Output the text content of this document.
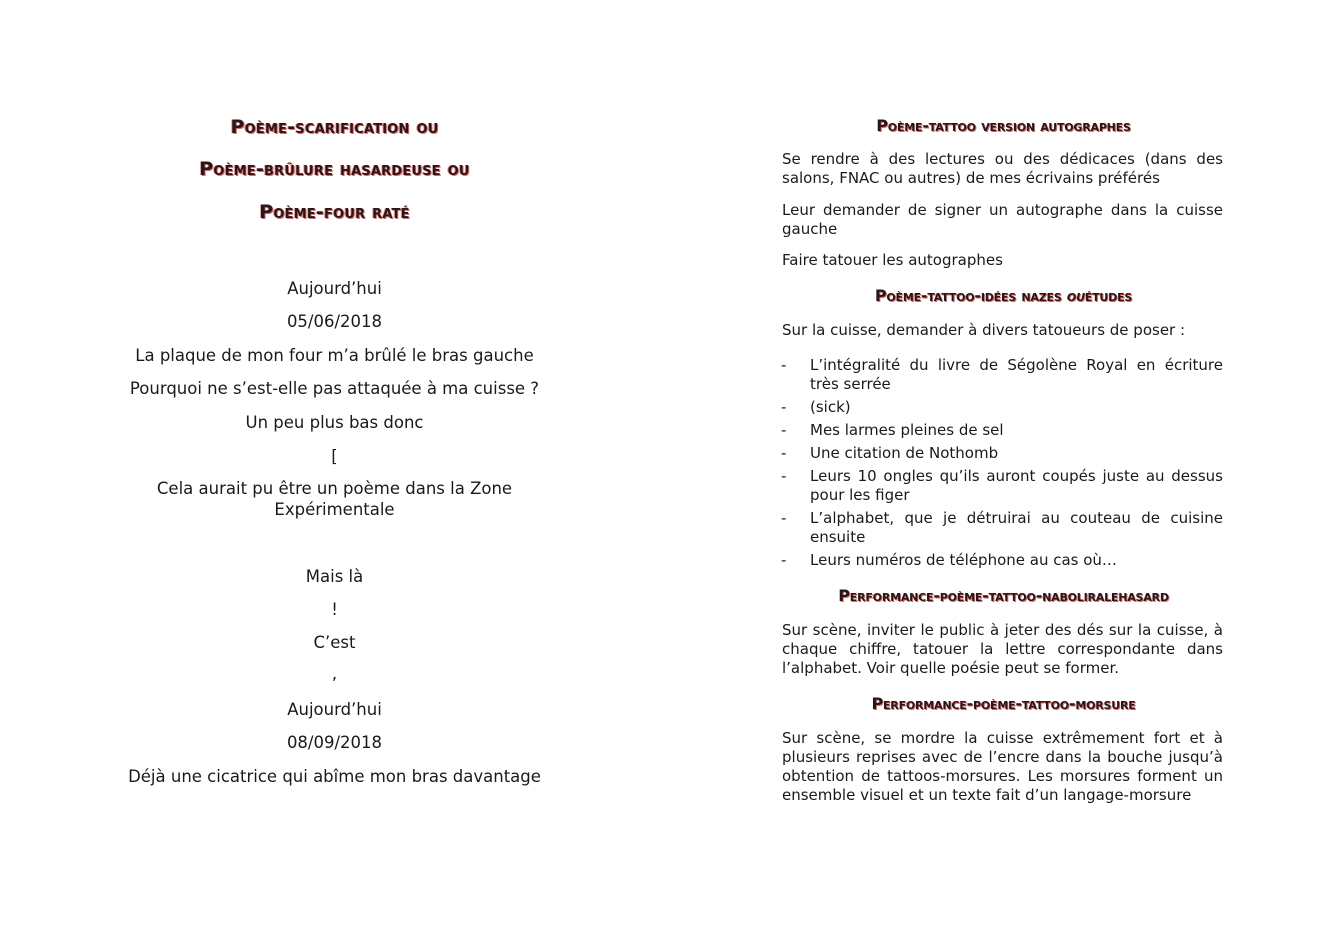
Poème-scarification ou
Poème-brûlure hasardeuse ou
Poème-four raté
Aujourd’hui
05/06/2018
La plaque de mon four m’a brûlé le bras gauche
Pourquoi ne s’est-elle pas attaquée à ma cuisse ?
Un peu plus bas donc
[
Cela aurait pu être un poème dans la Zone
Expérimentale
Mais là
!
C’est
,
Aujourd’hui
08/09/2018
Déjà une cicatrice qui abîme mon bras davantage
Poème-tattoo version autographes
Se rendre à des lectures ou des dédicaces (dans des salons, FNAC ou autres) de mes écrivains préférés
Leur demander de signer un autographe dans la cuisse gauche
Faire tatouer les autographes
Poème-tattoo-idées nazes ouétudes
Sur la cuisse, demander à divers tatoueurs de poser :
- L’intégralité du livre de Ségolène Royal en écriture très serrée
- (sick)
- Mes larmes pleines de sel
- Une citation de Nothomb
- Leurs 10 ongles qu’ils auront coupés juste au dessus pour les figer
- L’alphabet, que je détruirai au couteau de cuisine ensuite
- Leurs numéros de téléphone au cas où…
Performance-poème-tattoo-naboliralehasard
Sur scène, inviter le public à jeter des dés sur la cuisse, à chaque chiffre, tatouer la lettre correspondante dans l’alphabet. Voir quelle poésie peut se former.
Performance-poème-tattoo-morsure
Sur scène, se mordre la cuisse extrêmement fort et à plusieurs reprises avec de l’encre dans la bouche jusqu’à obtention de tattoos-morsures. Les morsures forment un ensemble visuel et un texte fait d’un langage-morsure
